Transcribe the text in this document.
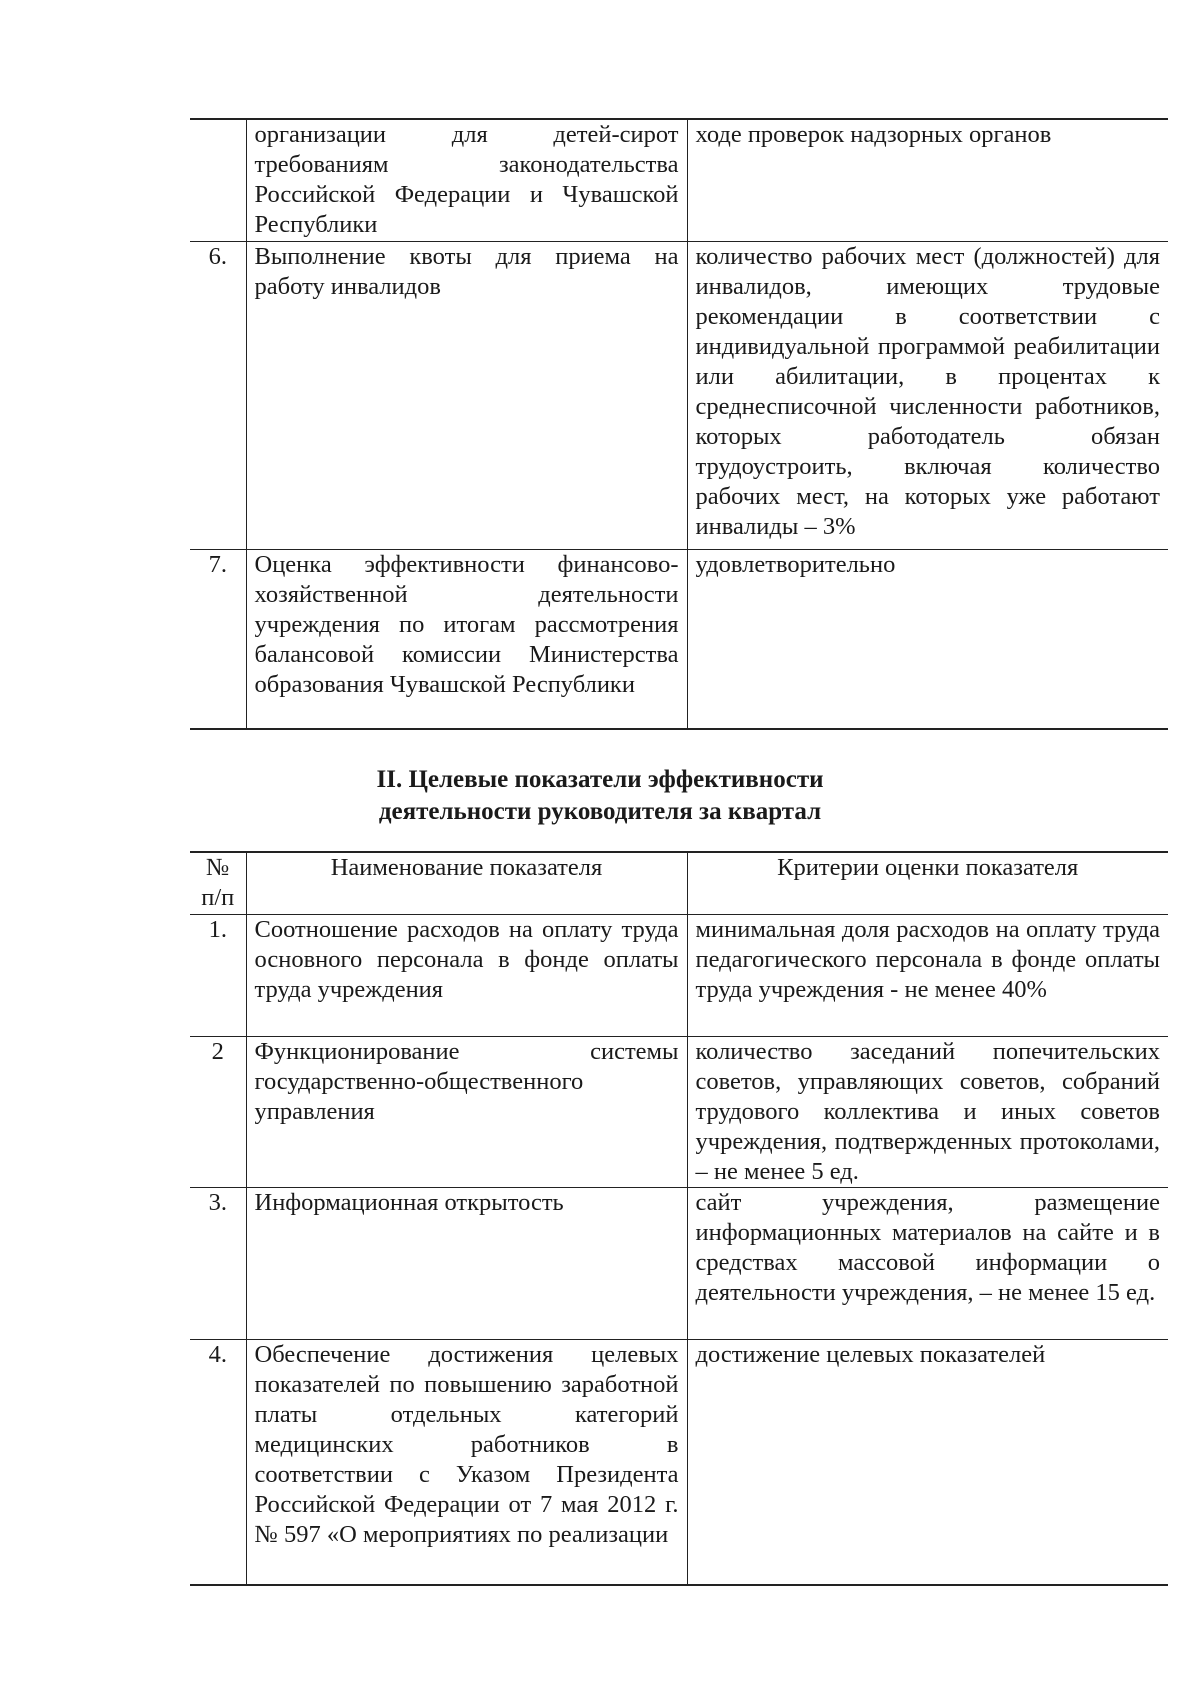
	организации для детей-сирот требованиям законодательства Российской Федерации и Чувашской Республики	ходе проверок надзорных органов
6.	Выполнение квоты для приема на работу инвалидов	количество рабочих мест (должностей) для инвалидов, имеющих трудовые рекомендации в соответствии с индивидуальной программой реабилитации или абилитации, в процентах к среднесписочной численности работников, которых работодатель обязан трудоустроить, включая количество рабочих мест, на которых уже работают инвалиды – 3%
7.	Оценка эффективности финансово-хозяйственной деятельности учреждения по итогам рассмотрения балансовой комиссии Министерства образования Чувашской Республики	удовлетворительно
II. Целевые показатели эффективности
деятельности руководителя за квартал
№ п/п	Наименование показателя	Критерии оценки показателя
1.	Соотношение расходов на оплату труда основного персонала в фонде оплаты труда учреждения	минимальная доля расходов на оплату труда педагогического персонала в фонде оплаты труда учреждения - не менее 40%
2	Функционирование системы государственно-общественного управления	количество заседаний попечительских советов, управляющих советов, собраний трудового коллектива и иных советов учреждения, подтвержденных протоколами, – не менее 5 ед.
3.	Информационная открытость	сайт учреждения, размещение информационных материалов на сайте и в средствах массовой информации о деятельности учреждения, – не менее 15 ед.
4.	Обеспечение достижения целевых показателей по повышению заработной платы отдельных категорий медицинских работников в соответствии с Указом Президента Российской Федерации от 7 мая 2012 г. № 597 «О мероприятиях по реализации	достижение целевых показателей
